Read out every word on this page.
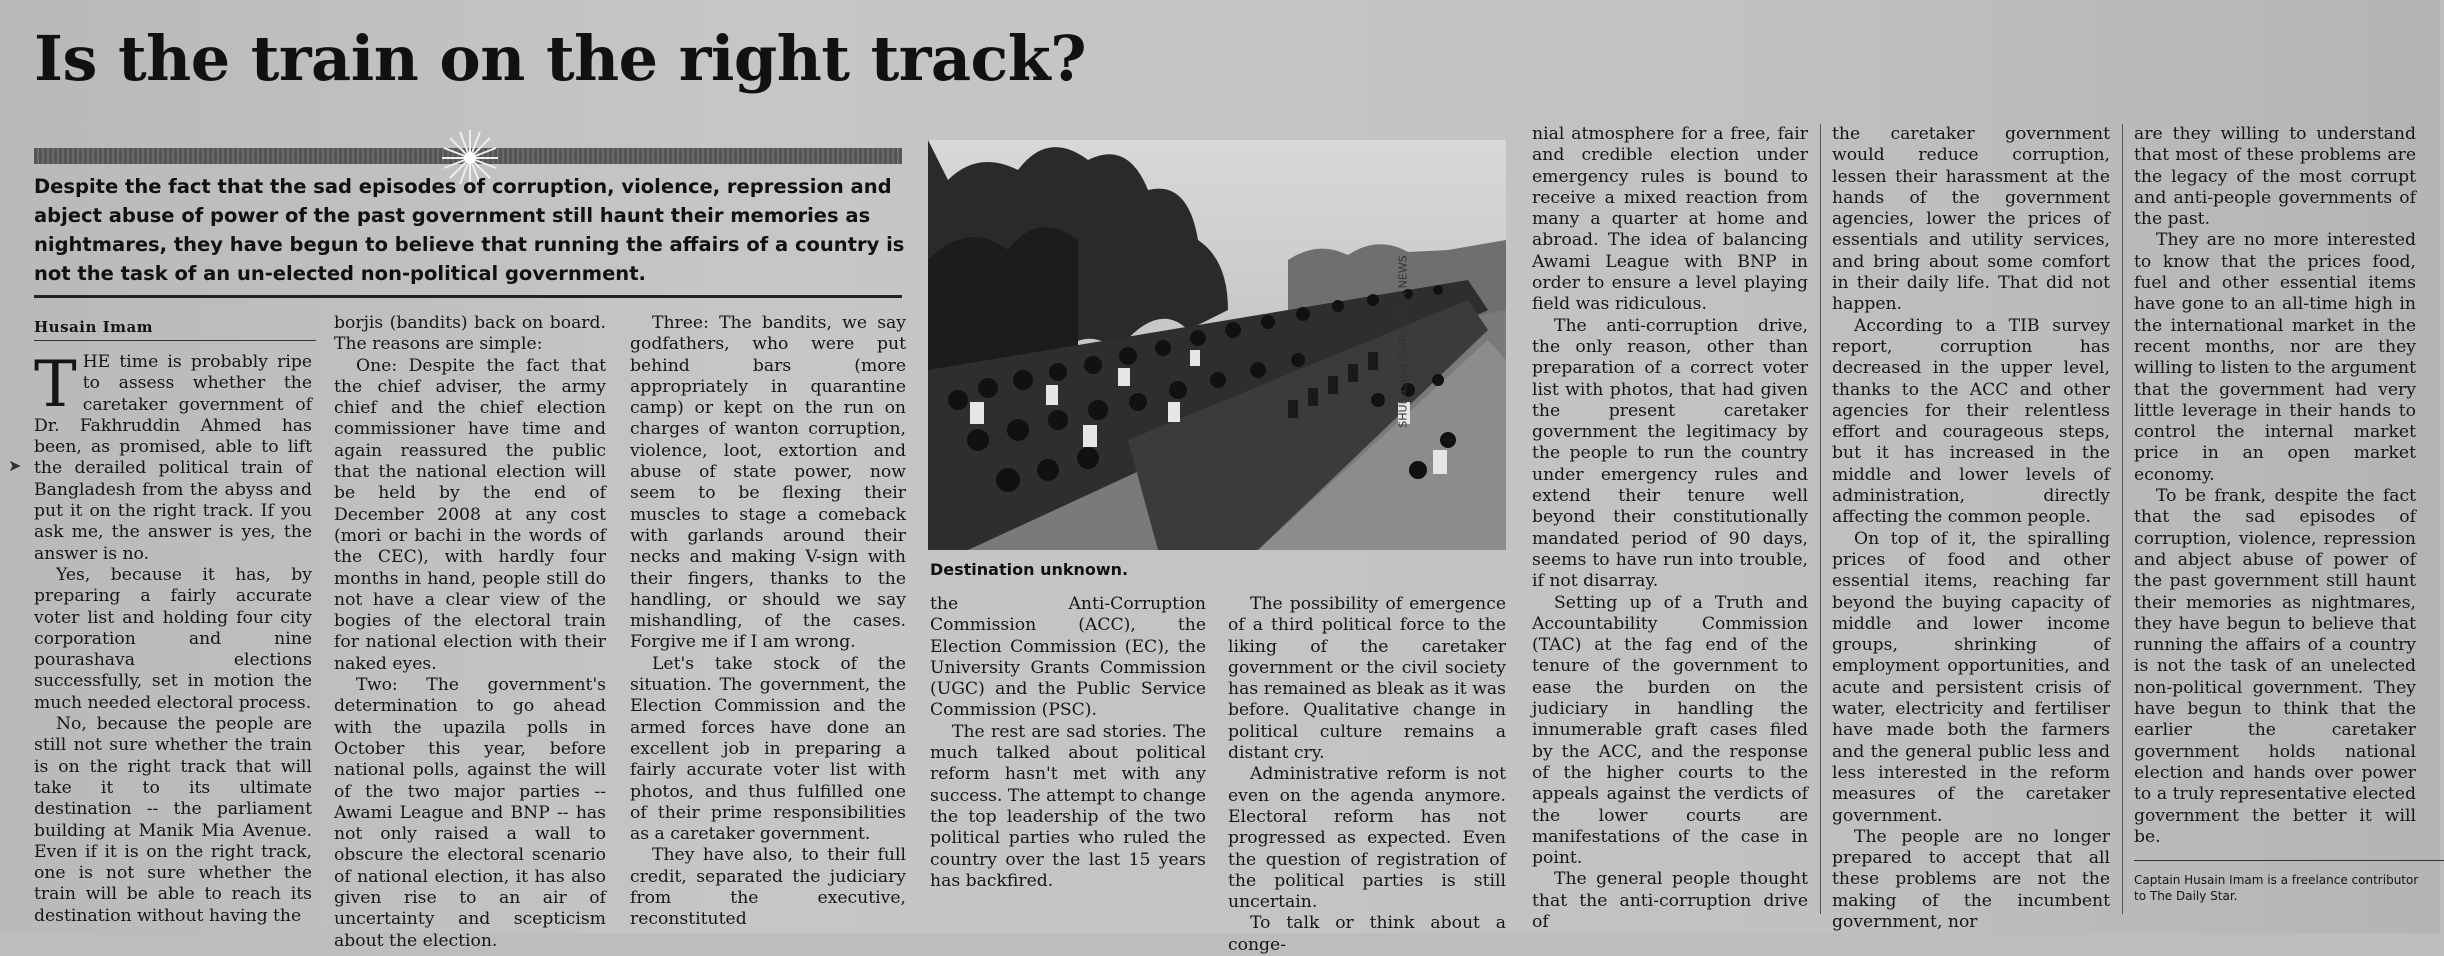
Is the train on the right track?

Despite the fact that the sad episodes of corruption, violence, repression and abject abuse of power of the past government still haunt their memories as nightmares, they have begun to believe that running the affairs of a country is not the task of an un-elected non-political government.

Husain Imam
➤

THE time is probably ripe to assess whether the caretaker government of Dr. Fakhruddin Ahmed has been, as promised, able to lift the derailed political train of Bangladesh from the abyss and put it on the right track. If you ask me, the answer is yes, the answer is no.

Yes, because it has, by preparing a fairly accurate voter list and holding four city corporation and nine pourashava elections successfully, set in motion the much needed electoral process.

No, because the people are still not sure whether the train is on the right track that will take it to its ultimate destination -- the parliament building at Manik Mia Avenue. Even if it is on the right track, one is not sure whether the train will be able to reach its destination without having the

borjis (bandits) back on board. The reasons are simple:

One: Despite the fact that the chief adviser, the army chief and the chief election commissioner have time and again reassured the public that the national election will be held by the end of December 2008 at any cost (mori or bachi in the words of the CEC), with hardly four months in hand, people still do not have a clear view of the bogies of the electoral train for national election with their naked eyes.

Two: The government's determination to go ahead with the upazila polls in October this year, before national polls, against the will of the two major parties -- Awami League and BNP -- has not only raised a wall to obscure the electoral scenario of national election, it has also given rise to an air of uncertainty and scepticism about the election.

Three: The bandits, we say godfathers, who were put behind bars (more appropriately in quarantine camp) or kept on the run on charges of wanton corruption, violence, loot, extortion and abuse of state power, now seem to be flexing their muscles to stage a comeback with garlands around their necks and making V-sign with their fingers, thanks to the handling, or should we say mishandling, of the cases. Forgive me if I am wrong.

Let's take stock of the situation. The government, the Election Commission and the armed forces have done an excellent job in preparing a fairly accurate voter list with photos, and thus fulfilled one of their prime responsibilities as a caretaker government.

They have also, to their full credit, separated the judiciary from the executive, reconstituted

SHUBASISH BARUA/DRIK NEWS
Destination unknown.

the Anti-Corruption Commission (ACC), the Election Commission (EC), the University Grants Commission (UGC) and the Public Service Commission (PSC).

The rest are sad stories. The much talked about political reform hasn't met with any success. The attempt to change the top leadership of the two political parties who ruled the country over the last 15 years has backfired.

The possibility of emergence of a third political force to the liking of the caretaker government or the civil society has remained as bleak as it was before. Qualitative change in political culture remains a distant cry.

Administrative reform is not even on the agenda anymore. Electoral reform has not progressed as expected. Even the question of registration of the political parties is still uncertain.

To talk or think about a conge-

nial atmosphere for a free, fair and credible election under emergency rules is bound to receive a mixed reaction from many a quarter at home and abroad. The idea of balancing Awami League with BNP in order to ensure a level playing field was ridiculous.

The anti-corruption drive, the only reason, other than preparation of a correct voter list with photos, that had given the present caretaker government the legitimacy by the people to run the country under emergency rules and extend their tenure well beyond their constitutionally mandated period of 90 days, seems to have run into trouble, if not disarray.

Setting up of a Truth and Accountability Commission (TAC) at the fag end of the tenure of the government to ease the burden on the judiciary in handling the innumerable graft cases filed by the ACC, and the response of the higher courts to the appeals against the verdicts of the lower courts are manifestations of the case in point.

The general people thought that the anti-corruption drive of

the caretaker government would reduce corruption, lessen their harassment at the hands of the government agencies, lower the prices of essentials and utility services, and bring about some comfort in their daily life. That did not happen.

According to a TIB survey report, corruption has decreased in the upper level, thanks to the ACC and other agencies for their relentless effort and courageous steps, but it has increased in the middle and lower levels of administration, directly affecting the common people.

On top of it, the spiralling prices of food and other essential items, reaching far beyond the buying capacity of middle and lower income groups, shrinking of employment opportunities, and acute and persistent crisis of water, electricity and fertiliser have made both the farmers and the general public less and less interested in the reform measures of the caretaker government.

The people are no longer prepared to accept that all these problems are not the making of the incumbent government, nor

are they willing to understand that most of these problems are the legacy of the most corrupt and anti-people governments of the past.

They are no more interested to know that the prices food, fuel and other essential items have gone to an all-time high in the international market in the recent months, nor are they willing to listen to the argument that the government had very little leverage in their hands to control the internal market price in an open market economy.

To be frank, despite the fact that the sad episodes of corruption, violence, repression and abject abuse of power of the past government still haunt their memories as nightmares, they have begun to believe that running the affairs of a country is not the task of an unelected non-political government. They have begun to think that the earlier the caretaker government holds national election and hands over power to a truly representative elected government the better it will be.

Captain Husain Imam is a freelance contributor to The Daily Star.
